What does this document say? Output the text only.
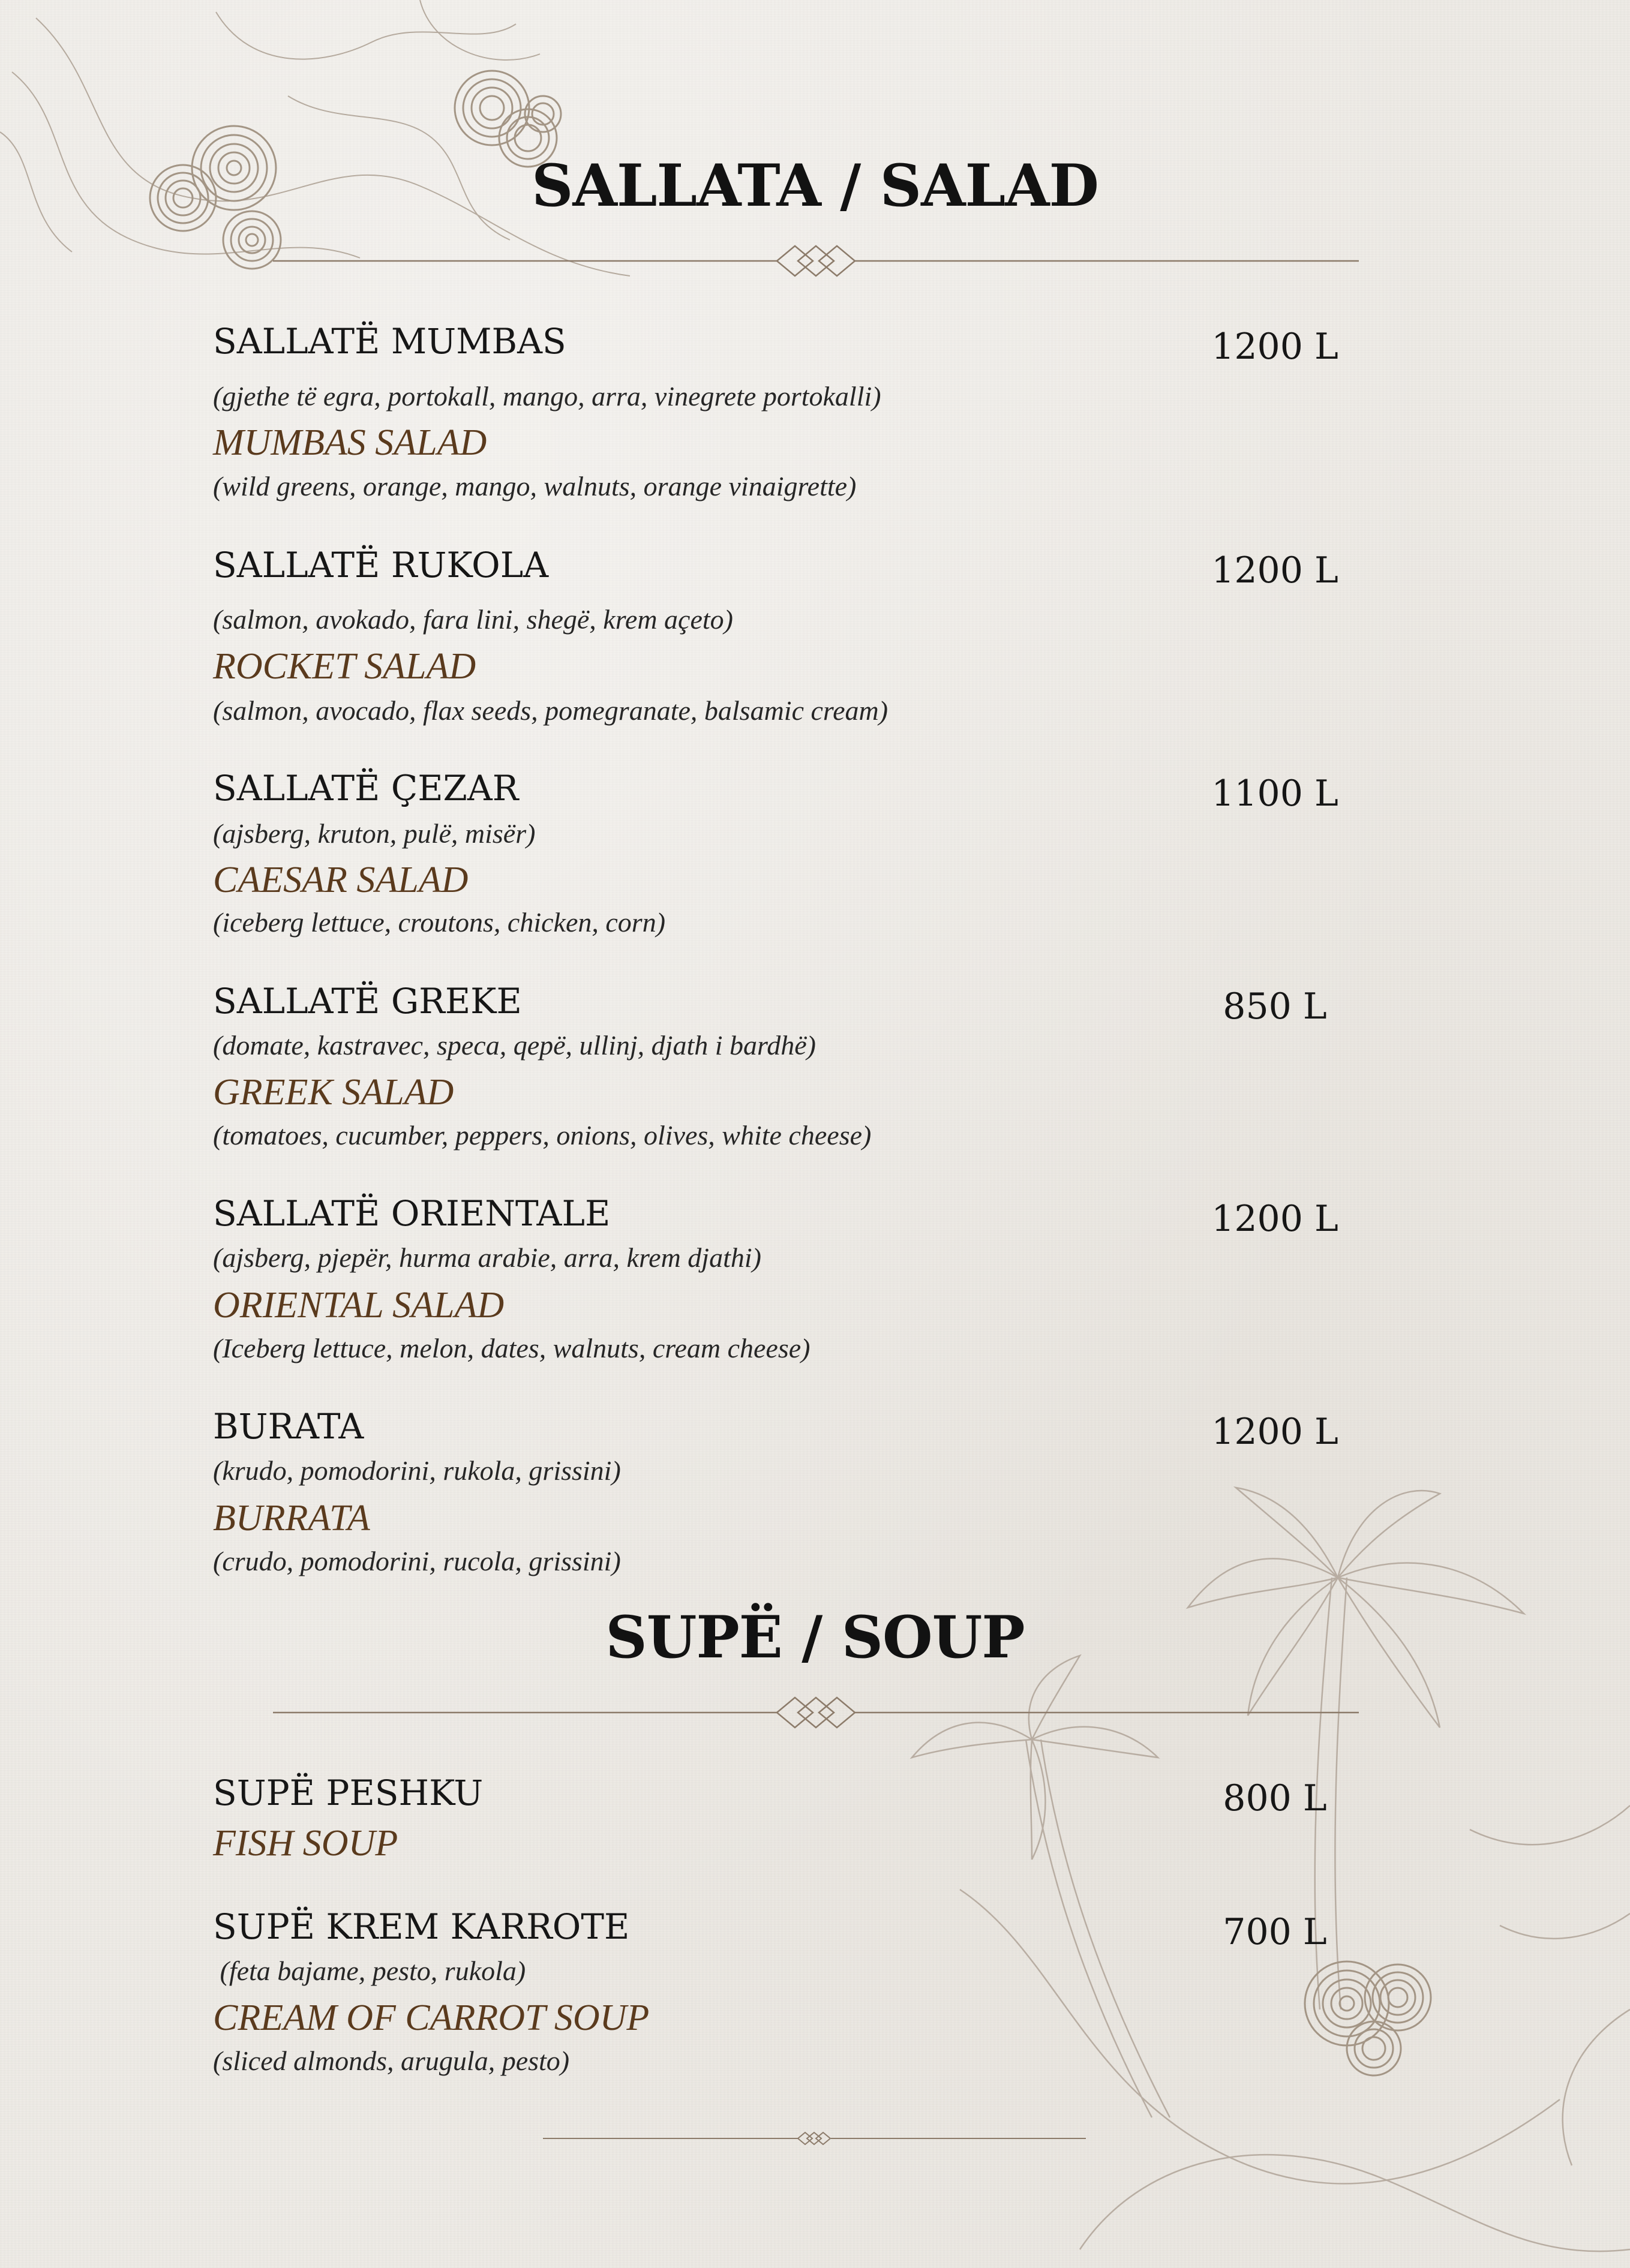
SALLATA / SALAD

SALLATË MUMBAS	1200 L

(gjethe të egra, portokall, mango, arra, vinegrete portokalli)

MUMBAS SALAD

(wild greens, orange, mango, walnuts, orange vinaigrette)

SALLATË RUKOLA	1200 L

(salmon, avokado, fara lini, shegë, krem açeto)

ROCKET SALAD

(salmon, avocado, flax seeds, pomegranate, balsamic cream)

SALLATË ÇEZAR	1100 L

(ajsberg, kruton, pulë, misër)

CAESAR SALAD

(iceberg lettuce, croutons, chicken, corn)

SALLATË GREKE	850 L

(domate, kastravec, speca, qepë, ullinj, djath i bardhë)

GREEK SALAD

(tomatoes, cucumber, peppers, onions, olives, white cheese)

SALLATË ORIENTALE	1200 L

(ajsberg, pjepër, hurma arabie, arra, krem djathi)

ORIENTAL SALAD

(Iceberg lettuce, melon, dates, walnuts, cream cheese)

BURATA	1200 L

(krudo, pomodorini, rukola, grissini)

BURRATA

(crudo, pomodorini, rucola, grissini)

SUPË / SOUP

SUPË PESHKU	800 L

FISH SOUP

SUPË KREM KARROTE	700 L

(feta bajame, pesto, rukola)

CREAM OF CARROT SOUP

(sliced almonds, arugula, pesto)
